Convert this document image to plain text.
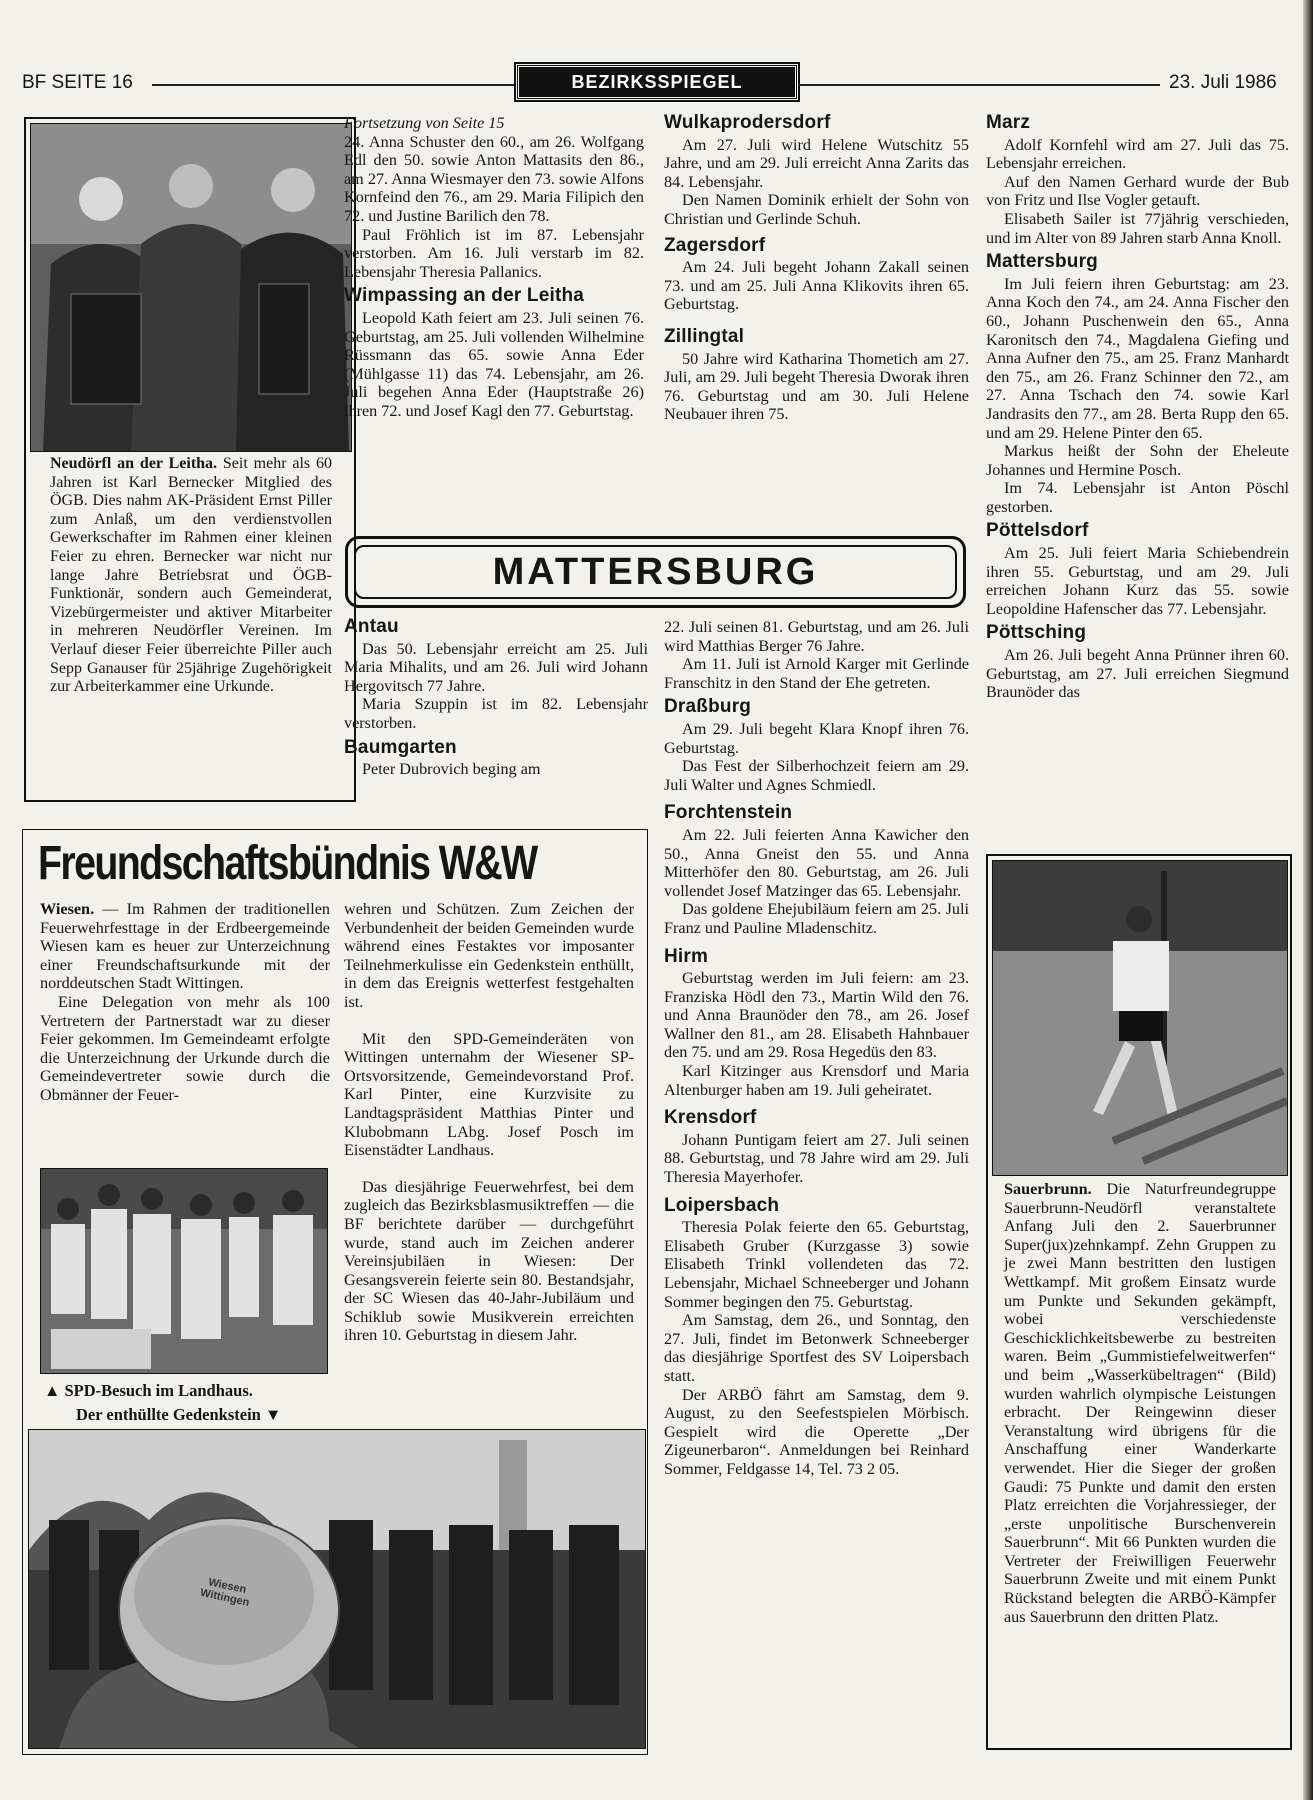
BF SEITE 16	BEZIRKSSPIEGEL	23. Juli 1986
Neudörfl an der Leitha. Seit mehr als 60 Jahren ist Karl Bernecker Mitglied des ÖGB. Dies nahm AK-Präsident Ernst Piller zum Anlaß, um den verdienstvollen Gewerkschafter im Rahmen einer kleinen Feier zu ehren. Bernecker war nicht nur lange Jahre Betriebsrat und ÖGB-Funktionär, sondern auch Gemeinderat, Vizebürgermeister und aktiver Mitarbeiter in mehreren Neudörfler Vereinen. Im Verlauf dieser Feier überreichte Piller auch Sepp Ganauser für 25jährige Zugehörigkeit zur Arbeiterkammer eine Urkunde.

Fortsetzung von Seite 15

24. Anna Schuster den 60., am 26. Wolfgang Edl den 50. sowie Anton Mattasits den 86., am 27. Anna Wiesmayer den 73. sowie Alfons Kornfeind den 76., am 29. Maria Filipich den 72. und Justine Barilich den 78.

Paul Fröhlich ist im 87. Lebensjahr verstorben. Am 16. Juli verstarb im 82. Lebensjahr Theresia Pallanics.

Wimpassing an der Leitha

Leopold Kath feiert am 23. Juli seinen 76. Geburtstag, am 25. Juli vollenden Wilhelmine Rüssmann das 65. sowie Anna Eder (Mühlgasse 11) das 74. Lebensjahr, am 26. Juli begehen Anna Eder (Hauptstraße 26) ihren 72. und Josef Kagl den 77. Geburtstag.

Wulkaprodersdorf

Am 27. Juli wird Helene Wutschitz 55 Jahre, und am 29. Juli erreicht Anna Zarits das 84. Lebensjahr.

Den Namen Dominik erhielt der Sohn von Christian und Gerlinde Schuh.

Zagersdorf

Am 24. Juli begeht Johann Zakall seinen 73. und am 25. Juli Anna Klikovits ihren 65. Geburtstag.

Zillingtal

50 Jahre wird Katharina Thometich am 27. Juli, am 29. Juli begeht Theresia Dworak ihren 76. Geburtstag und am 30. Juli Helene Neubauer ihren 75.

Marz

Adolf Kornfehl wird am 27. Juli das 75. Lebensjahr erreichen.

Auf den Namen Gerhard wurde der Bub von Fritz und Ilse Vogler getauft.

Elisabeth Sailer ist 77jährig verschieden, und im Alter von 89 Jahren starb Anna Knoll.

Mattersburg

Im Juli feiern ihren Geburtstag: am 23. Anna Koch den 74., am 24. Anna Fischer den 60., Johann Puschenwein den 65., Anna Karonitsch den 74., Magdalena Giefing und Anna Aufner den 75., am 25. Franz Manhardt den 75., am 26. Franz Schinner den 72., am 27. Anna Tschach den 74. sowie Karl Jandrasits den 77., am 28. Berta Rupp den 65. und am 29. Helene Pinter den 65.

Markus heißt der Sohn der Eheleute Johannes und Hermine Posch.

Im 74. Lebensjahr ist Anton Pöschl gestorben.

Pöttelsdorf

Am 25. Juli feiert Maria Schiebendrein ihren 55. Geburtstag, und am 29. Juli erreichen Johann Kurz das 55. sowie Leopoldine Hafenscher das 77. Lebensjahr.

Pöttsching

Am 26. Juli begeht Anna Prünner ihren 60. Geburtstag, am 27. Juli erreichen Siegmund Braunöder das

MATTERSBURG
Antau

Das 50. Lebensjahr erreicht am 25. Juli Maria Mihalits, und am 26. Juli wird Johann Hergovitsch 77 Jahre.

Maria Szuppin ist im 82. Lebensjahr verstorben.

Baumgarten

Peter Dubrovich beging am

22. Juli seinen 81. Geburtstag, und am 26. Juli wird Matthias Berger 76 Jahre.

Am 11. Juli ist Arnold Karger mit Gerlinde Franschitz in den Stand der Ehe getreten.

Draßburg

Am 29. Juli begeht Klara Knopf ihren 76. Geburtstag.

Das Fest der Silberhochzeit feiern am 29. Juli Walter und Agnes Schmiedl.

Forchtenstein

Am 22. Juli feierten Anna Kawicher den 50., Anna Gneist den 55. und Anna Mitterhöfer den 80. Geburtstag, am 26. Juli vollendet Josef Matzinger das 65. Lebensjahr.

Das goldene Ehejubiläum feiern am 25. Juli Franz und Pauline Mladenschitz.

Hirm

Geburtstag werden im Juli feiern: am 23. Franziska Hödl den 73., Martin Wild den 76. und Anna Braunöder den 78., am 26. Josef Wallner den 81., am 28. Elisabeth Hahnbauer den 75. und am 29. Rosa Hegedüs den 83.

Karl Kitzinger aus Krensdorf und Maria Altenburger haben am 19. Juli geheiratet.

Krensdorf

Johann Puntigam feiert am 27. Juli seinen 88. Geburtstag, und 78 Jahre wird am 29. Juli Theresia Mayerhofer.

Loipersbach

Theresia Polak feierte den 65. Geburtstag, Elisabeth Gruber (Kurzgasse 3) sowie Elisabeth Trinkl vollendeten das 72. Lebensjahr, Michael Schneeberger und Johann Sommer begingen den 75. Geburtstag.

Am Samstag, dem 26., und Sonntag, den 27. Juli, findet im Betonwerk Schneeberger das diesjährige Sportfest des SV Loipersbach statt.

Der ARBÖ fährt am Samstag, dem 9. August, zu den Seefestspielen Mörbisch. Gespielt wird die Operette „Der Zigeunerbaron“. Anmeldungen bei Reinhard Sommer, Feldgasse 14, Tel. 73 2 05.

Freundschaftsbündnis W&W

Wiesen. — Im Rahmen der traditionellen Feuerwehrfesttage in der Erdbeergemeinde Wiesen kam es heuer zur Unterzeichnung einer Freundschaftsurkunde mit der norddeutschen Stadt Wittingen.

Eine Delegation von mehr als 100 Vertretern der Partnerstadt war zu dieser Feier gekommen. Im Gemeindeamt erfolgte die Unterzeichnung der Urkunde durch die Gemeindevertreter sowie durch die Obmänner der Feuer-

▲ SPD-Besuch im Landhaus.
Der enthüllte Gedenkstein ▼

wehren und Schützen. Zum Zeichen der Verbundenheit der beiden Gemeinden wurde während eines Festaktes vor imposanter Teilnehmerkulisse ein Gedenkstein enthüllt, in dem das Ereignis wetterfest festgehalten ist.

Mit den SPD-Gemeinderäten von Wittingen unternahm der Wiesener SP-Ortsvorsitzende, Gemeindevorstand Prof. Karl Pinter, eine Kurzvisite zu Landtagspräsident Matthias Pinter und Klubobmann LAbg. Josef Posch im Eisenstädter Landhaus.

Das diesjährige Feuerwehrfest, bei dem zugleich das Bezirksblasmusiktreffen — die BF berichtete darüber — durchgeführt wurde, stand auch im Zeichen anderer Vereinsjubiläen in Wiesen: Der Gesangsverein feierte sein 80. Bestandsjahr, der SC Wiesen das 40-Jahr-Jubiläum und Schiklub sowie Musikverein erreichten ihren 10. Geburtstag in diesem Jahr.

Wiesen Wittingen
Sauerbrunn. Die Naturfreundegruppe Sauerbrunn-Neudörfl veranstaltete Anfang Juli den 2. Sauerbrunner Super(jux)zehnkampf. Zehn Gruppen zu je zwei Mann bestritten den lustigen Wettkampf. Mit großem Einsatz wurde um Punkte und Sekunden gekämpft, wobei verschiedenste Geschicklichkeitsbewerbe zu bestreiten waren. Beim „Gummistiefelweitwerfen“ und beim „Wasserkübeltragen“ (Bild) wurden wahrlich olympische Leistungen erbracht. Der Reingewinn dieser Veranstaltung wird übrigens für die Anschaffung einer Wanderkarte verwendet. Hier die Sieger der großen Gaudi: 75 Punkte und damit den ersten Platz erreichten die Vorjahressieger, der „erste unpolitische Burschenverein Sauerbrunn“. Mit 66 Punkten wurden die Vertreter der Freiwilligen Feuerwehr Sauerbrunn Zweite und mit einem Punkt Rückstand belegten die ARBÖ-Kämpfer aus Sauerbrunn den dritten Platz.
